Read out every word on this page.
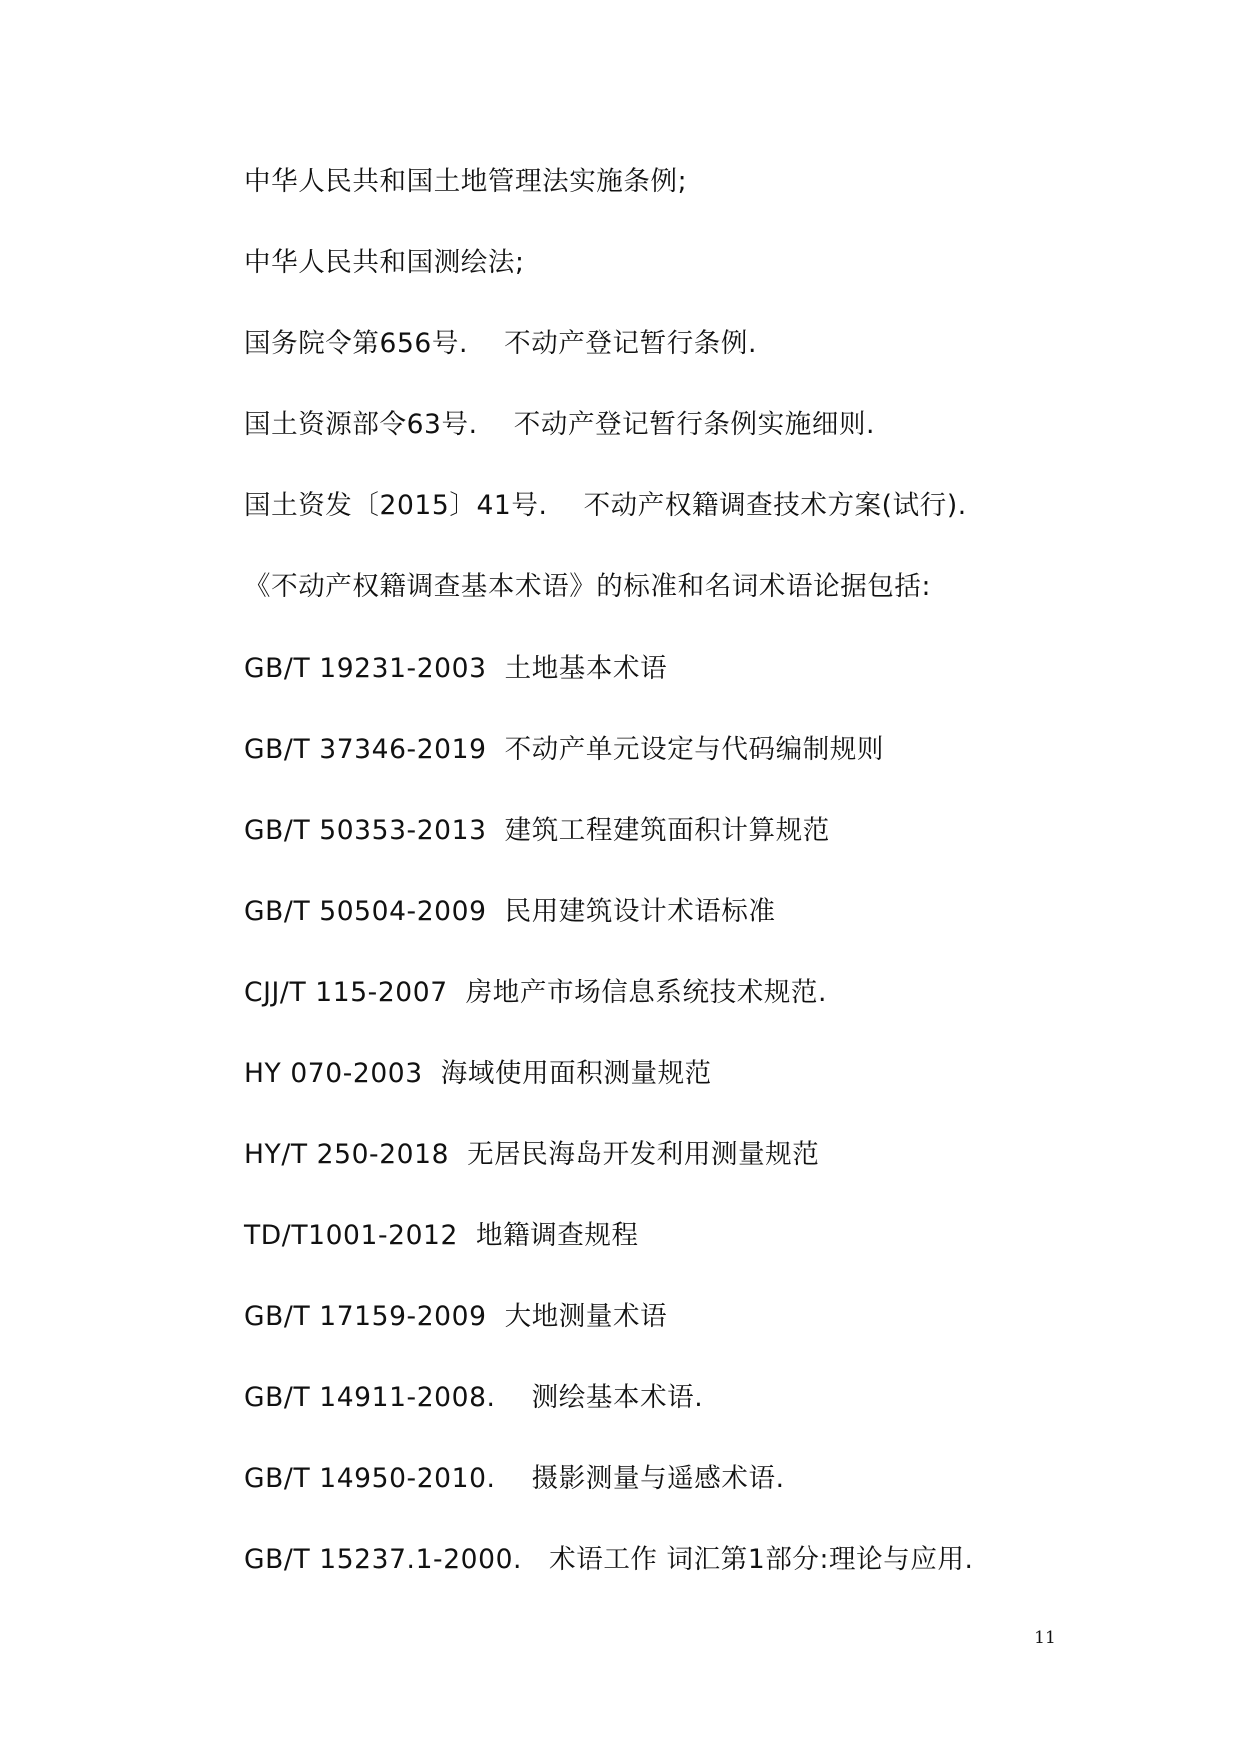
中华人民共和国土地管理法实施条例;
中华人民共和国测绘法;
国务院令第656号.    不动产登记暂行条例.
国土资源部令63号.    不动产登记暂行条例实施细则.
国土资发〔2015〕41号.    不动产权籍调查技术方案(试行).
《不动产权籍调查基本术语》的标准和名词术语论据包括:
GB/T 19231-2003  土地基本术语
GB/T 37346-2019  不动产单元设定与代码编制规则
GB/T 50353-2013  建筑工程建筑面积计算规范
GB/T 50504-2009  民用建筑设计术语标准
CJJ/T 115-2007  房地产市场信息系统技术规范.
HY 070-2003  海域使用面积测量规范
HY/T 250-2018  无居民海岛开发利用测量规范
TD/T1001-2012  地籍调查规程
GB/T 17159-2009  大地测量术语
GB/T 14911-2008.    测绘基本术语.
GB/T 14950-2010.    摄影测量与遥感术语.
GB/T 15237.1-2000.   术语工作 词汇第1部分:理论与应用.
11
